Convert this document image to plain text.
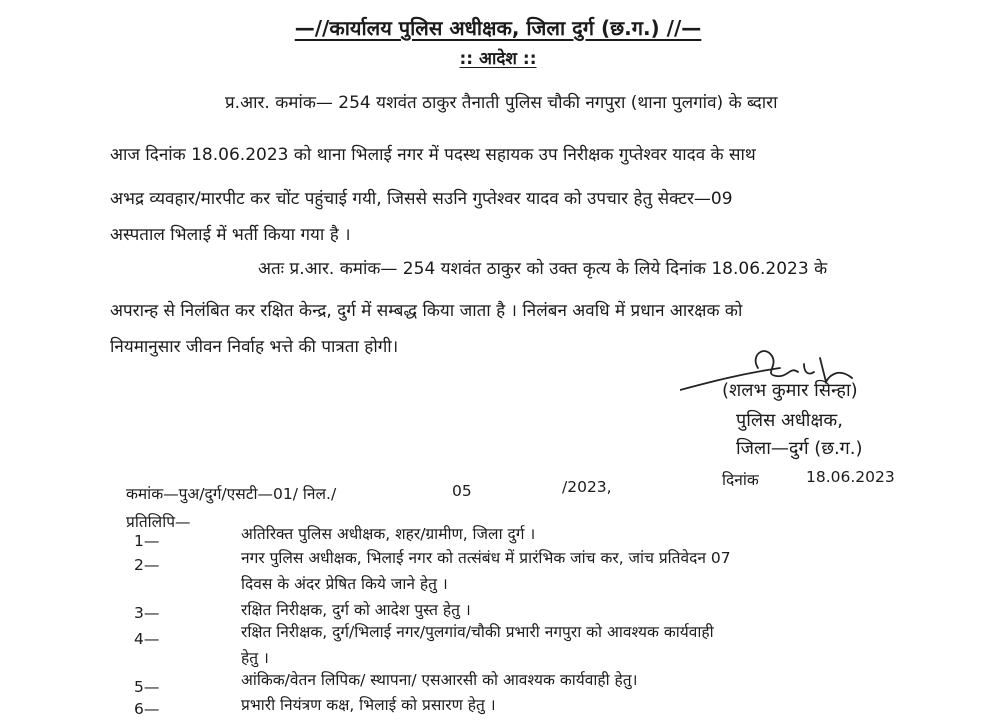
—//कार्यालय पुलिस अधीक्षक, जिला दुर्ग (छ.ग.) //—
:: आदेश ::
प्र.आर. कमांक— 254 यशवंत ठाकुर तैनाती पुलिस चौकी नगपुरा (थाना पुलगांव) के ब्दारा
आज दिनांक 18.06.2023 को थाना भिलाई नगर में पदस्थ सहायक उप निरीक्षक गुप्तेश्वर यादव के साथ
अभद्र व्यवहार/मारपीट कर चोंट पहुंचाई गयी, जिससे सउनि गुप्तेश्वर यादव को उपचार हेतु सेक्टर—09
अस्पताल भिलाई में भर्ती किया गया है ।
अतः प्र.आर. कमांक— 254 यशवंत ठाकुर को उक्त कृत्य के लिये दिनांक 18.06.2023 के
अपरान्ह से निलंबित कर रक्षित केन्द्र, दुर्ग में सम्बद्ध किया जाता है । निलंबन अवधि में प्रधान आरक्षक को
नियमानुसार जीवन निर्वाह भत्ते की पात्रता होगी।
(शलभ कुमार सिन्हा)
पुलिस अधीक्षक,
जिला—दुर्ग (छ.ग.)
दिनांक	18.06.2023
कमांक—पुअ/दुर्ग/एसटी—01/ निल./	05	/2023,
प्रतिलिपि—
1—	अतिरिक्त पुलिस अधीक्षक, शहर/ग्रामीण, जिला दुर्ग ।
2—	नगर पुलिस अधीक्षक, भिलाई नगर को तत्संबंध में प्रारंभिक जांच कर, जांच प्रतिवेदन 07
दिवस के अंदर प्रेषित किये जाने हेतु ।
3—	रक्षित निरीक्षक, दुर्ग को आदेश पुस्त हेतु ।
4—	रक्षित निरीक्षक, दुर्ग/भिलाई नगर/पुलगांव/चौकी प्रभारी नगपुरा को आवश्यक कार्यवाही
हेतु ।
5—	आंकिक/वेतन लिपिक/ स्थापना/ एसआरसी को आवश्यक कार्यवाही हेतु।
6—	प्रभारी नियंत्रण कक्ष, भिलाई को प्रसारण हेतु ।
